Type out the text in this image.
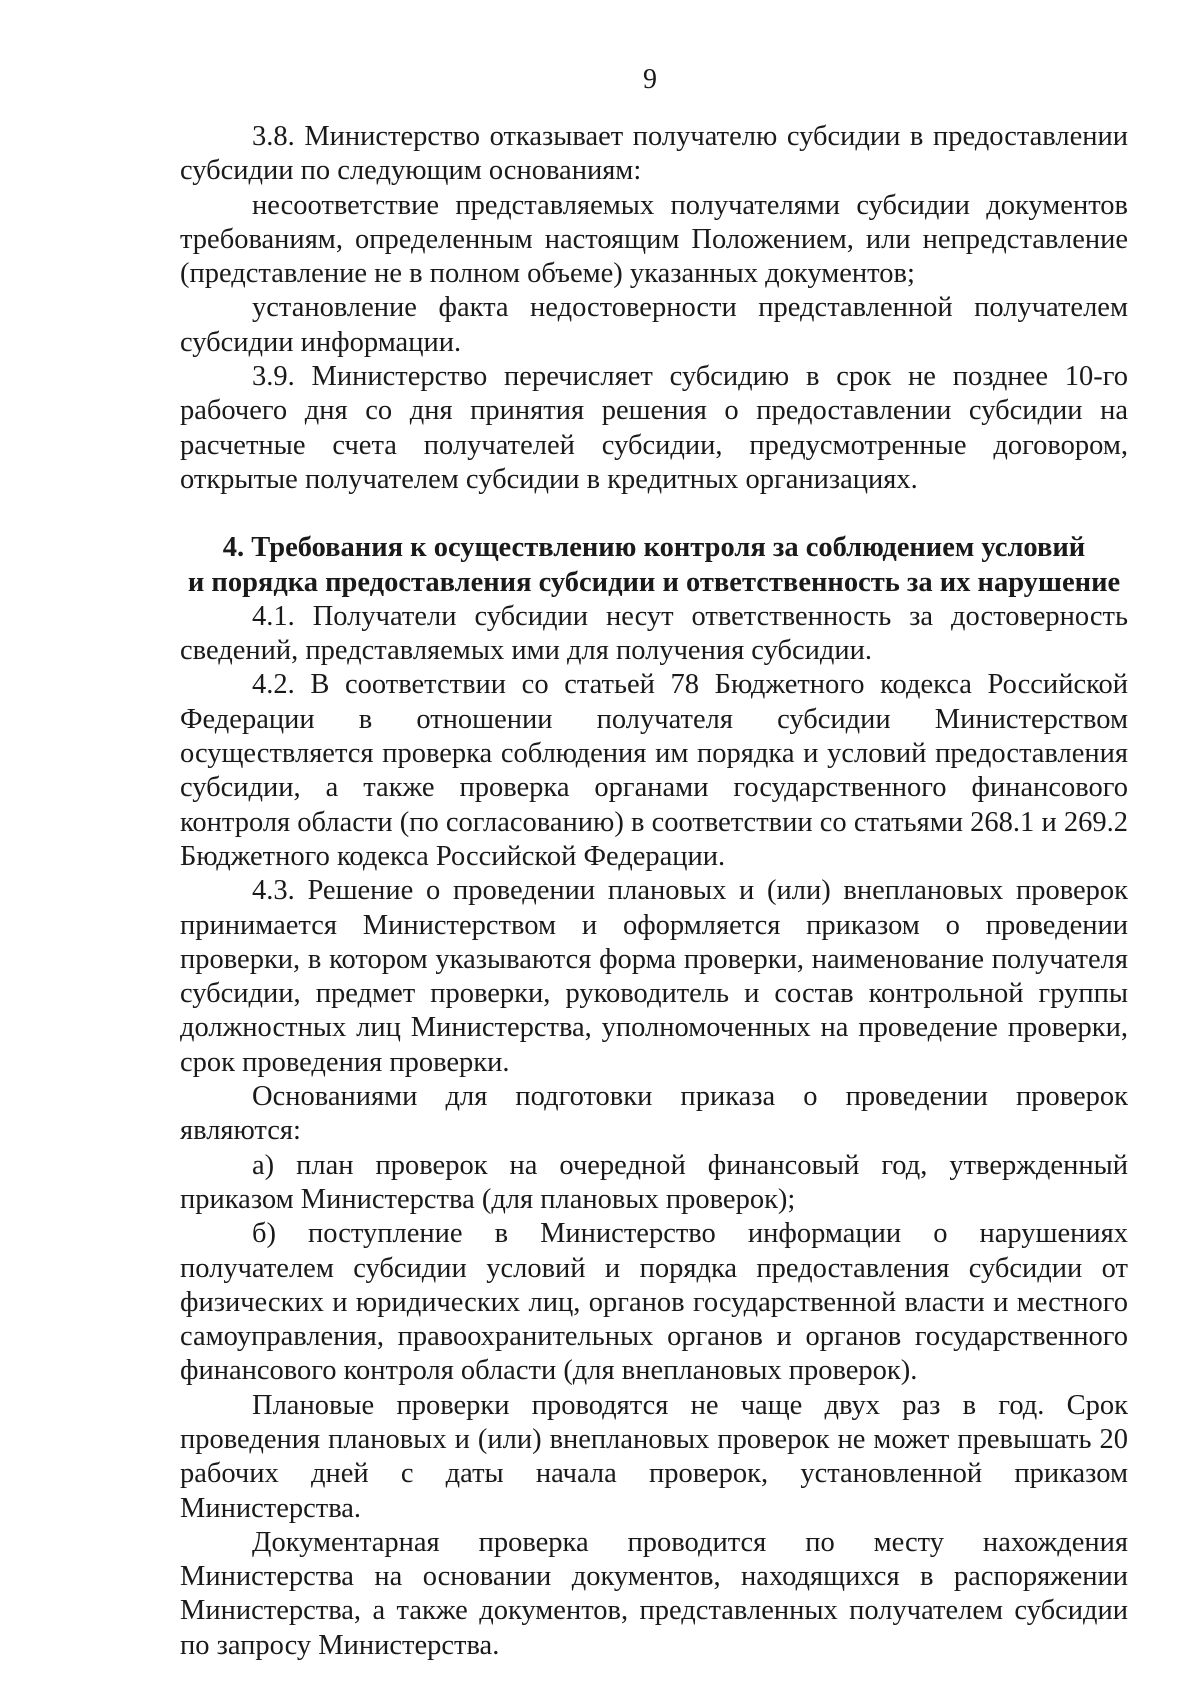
9

3.8. Министерство отказывает получателю субсидии в предоставлении субсидии по следующим основаниям:

несоответствие представляемых получателями субсидии документов требованиям, определенным настоящим Положением, или непредставление (представление не в полном объеме) указанных документов;

установление факта недостоверности представленной получателем субсидии информации.

3.9. Министерство перечисляет субсидию в срок не позднее 10-го рабочего дня со дня принятия решения о предоставлении субсидии на расчетные счета получателей субсидии, предусмотренные договором, открытые получателем субсидии в кредитных организациях.

4. Требования к осуществлению контроля за соблюдением условий
и порядка предоставления субсидии и ответственность за их нарушение

4.1. Получатели субсидии несут ответственность за достоверность сведений, представляемых ими для получения субсидии.

4.2. В соответствии со статьей 78 Бюджетного кодекса Российской Федерации в отношении получателя субсидии Министерством осуществляется проверка соблюдения им порядка и условий предоставления субсидии, а также проверка органами государственного финансового контроля области (по согласованию) в соответствии со статьями 268.1 и 269.2 Бюджетного кодекса Российской Федерации.

4.3. Решение о проведении плановых и (или) внеплановых проверок принимается Министерством и оформляется приказом о проведении проверки, в котором указываются форма проверки, наименование получателя субсидии, предмет проверки, руководитель и состав контрольной группы должностных лиц Министерства, уполномоченных на проведение проверки, срок проведения проверки.

Основаниями для подготовки приказа о проведении проверок являются:

а) план проверок на очередной финансовый год, утвержденный приказом Министерства (для плановых проверок);

б) поступление в Министерство информации о нарушениях получателем субсидии условий и порядка предоставления субсидии от физических и юридических лиц, органов государственной власти и местного самоуправления, правоохранительных органов и органов государственного финансового контроля области (для внеплановых проверок).

Плановые проверки проводятся не чаще двух раз в год. Срок проведения плановых и (или) внеплановых проверок не может превышать 20 рабочих дней с даты начала проверок, установленной приказом Министерства.

Документарная проверка проводится по месту нахождения Министерства на основании документов, находящихся в распоряжении Министерства, а также документов, представленных получателем субсидии по запросу Министерства.
